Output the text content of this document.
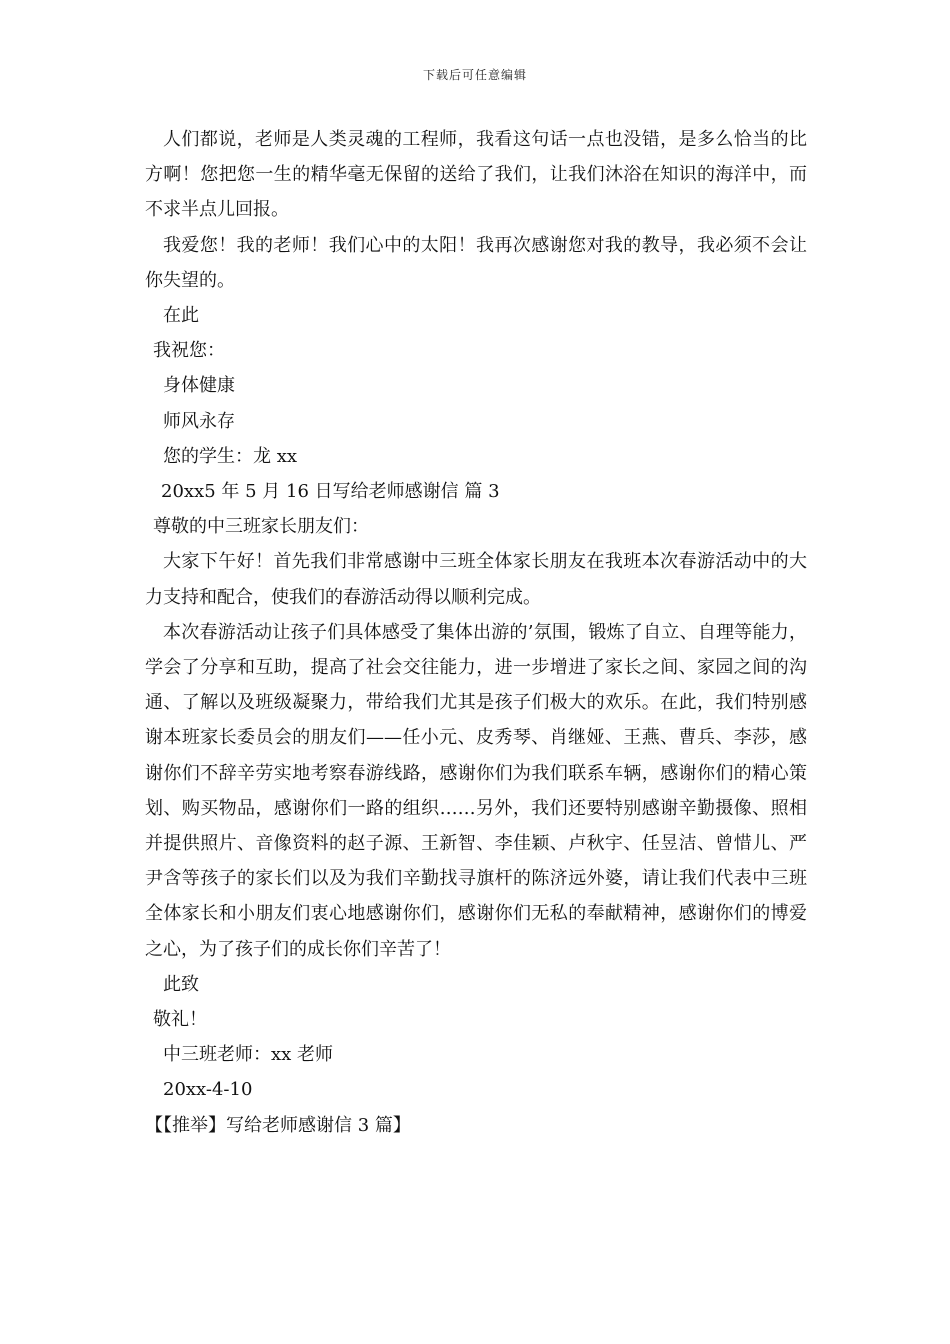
下载后可任意编辑

人们都说，老师是人类灵魂的工程师，我看这句话一点也没错，是多么恰当的比方啊！您把您一生的精华毫无保留的送给了我们，让我们沐浴在知识的海洋中，而不求半点儿回报。

我爱您！我的老师！我们心中的太阳！我再次感谢您对我的教导，我必须不会让你失望的。

在此

我祝您：

身体健康

师风永存

您的学生：龙 xx

20xx5 年 5 月 16 日写给老师感谢信 篇 3

尊敬的中三班家长朋友们：

大家下午好！首先我们非常感谢中三班全体家长朋友在我班本次春游活动中的大力支持和配合，使我们的春游活动得以顺利完成。

本次春游活动让孩子们具体感受了集体出游的’氛围，锻炼了自立、自理等能力，学会了分享和互助，提高了社会交往能力，进一步增进了家长之间、家园之间的沟通、了解以及班级凝聚力，带给我们尤其是孩子们极大的欢乐。在此，我们特别感谢本班家长委员会的朋友们——任小元、皮秀琴、肖继娅、王燕、曹兵、李莎，感谢你们不辞辛劳实地考察春游线路，感谢你们为我们联系车辆，感谢你们的精心策划、购买物品，感谢你们一路的组织……另外，我们还要特别感谢辛勤摄像、照相并提供照片、音像资料的赵子源、王新智、李佳颖、卢秋宇、任昱洁、曾惜儿、严尹含等孩子的家长们以及为我们辛勤找寻旗杆的陈济远外婆，请让我们代表中三班全体家长和小朋友们衷心地感谢你们，感谢你们无私的奉献精神，感谢你们的博爱之心，为了孩子们的成长你们辛苦了！

此致

敬礼！

中三班老师：xx 老师

20xx-4-10

【【推举】写给老师感谢信 3 篇】
